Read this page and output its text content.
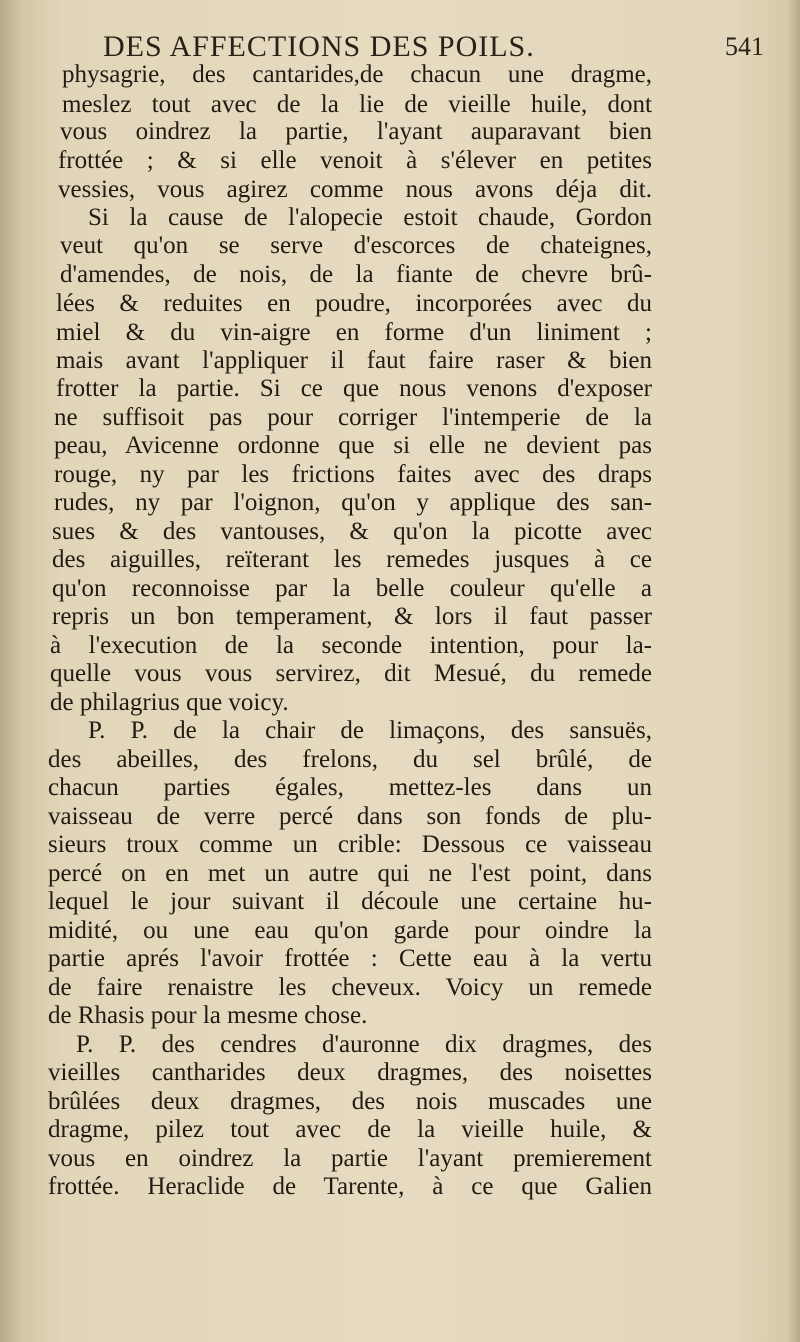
DES AFFECTIONS DES POILS.	541
physagrie, des cantarides,de chacun une dragme,
meslez tout avec de la lie de vieille huile, dont
vous oindrez la partie, l'ayant auparavant bien
frottée ; & si elle venoit à s'élever en petites
vessies, vous agirez comme nous avons déja dit.
Si la cause de l'alopecie estoit chaude, Gordon
veut qu'on se serve d'escorces de chateignes,
d'amendes, de nois, de la fiante de chevre brû-
lées & reduites en poudre, incorporées avec du
miel & du vin-aigre en forme d'un liniment ;
mais avant l'appliquer il faut faire raser & bien
frotter la partie. Si ce que nous venons d'exposer
ne suffisoit pas pour corriger l'intemperie de la
peau, Avicenne ordonne que si elle ne devient pas
rouge, ny par les frictions faites avec des draps
rudes, ny par l'oignon, qu'on y applique des san-
sues & des vantouses, & qu'on la picotte avec
des aiguilles, reïterant les remedes jusques à ce
qu'on reconnoisse par la belle couleur qu'elle a
repris un bon temperament, & lors il faut passer
à l'execution de la seconde intention, pour la-
quelle vous vous servirez, dit Mesué, du remede
de philagrius que voicy.
P. P. de la chair de limaçons, des sansuës,
des abeilles, des frelons, du sel brûlé, de
chacun parties égales, mettez-les dans un
vaisseau de verre percé dans son fonds de plu-
sieurs troux comme un crible: Dessous ce vaisseau
percé on en met un autre qui ne l'est point, dans
lequel le jour suivant il découle une certaine hu-
midité, ou une eau qu'on garde pour oindre la
partie aprés l'avoir frottée : Cette eau à la vertu
de faire renaistre les cheveux. Voicy un remede
de Rhasis pour la mesme chose.
P. P. des cendres d'auronne dix dragmes, des
vieilles cantharides deux dragmes, des noisettes
brûlées deux dragmes, des nois muscades une
dragme, pilez tout avec de la vieille huile, &
vous en oindrez la partie l'ayant premierement
frottée. Heraclide de Tarente, à ce que Galien
